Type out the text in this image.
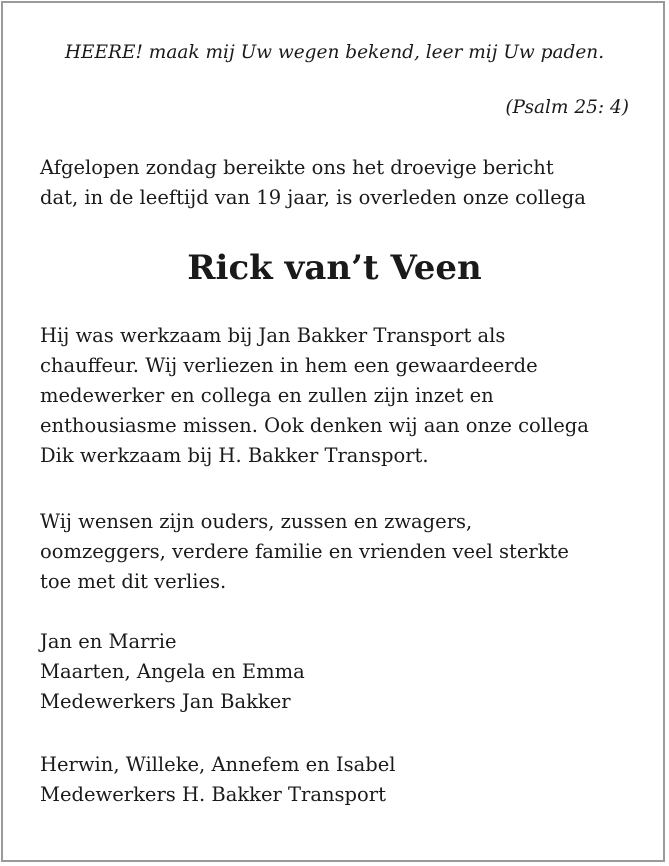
HEERE! maak mij Uw wegen bekend, leer mij Uw paden.
(Psalm 25: 4)
Afgelopen zondag bereikte ons het droevige bericht
dat, in de leeftijd van 19 jaar, is overleden onze collega
Rick van’t Veen
Hij was werkzaam bij Jan Bakker Transport als
chauffeur. Wij verliezen in hem een gewaardeerde
medewerker en collega en zullen zijn inzet en
enthousiasme missen. Ook denken wij aan onze collega
Dik werkzaam bij H. Bakker Transport.
Wij wensen zijn ouders, zussen en zwagers,
oomzeggers, verdere familie en vrienden veel sterkte
toe met dit verlies.
Jan en Marrie
Maarten, Angela en Emma
Medewerkers Jan Bakker
Herwin, Willeke, Annefem en Isabel
Medewerkers H. Bakker Transport
